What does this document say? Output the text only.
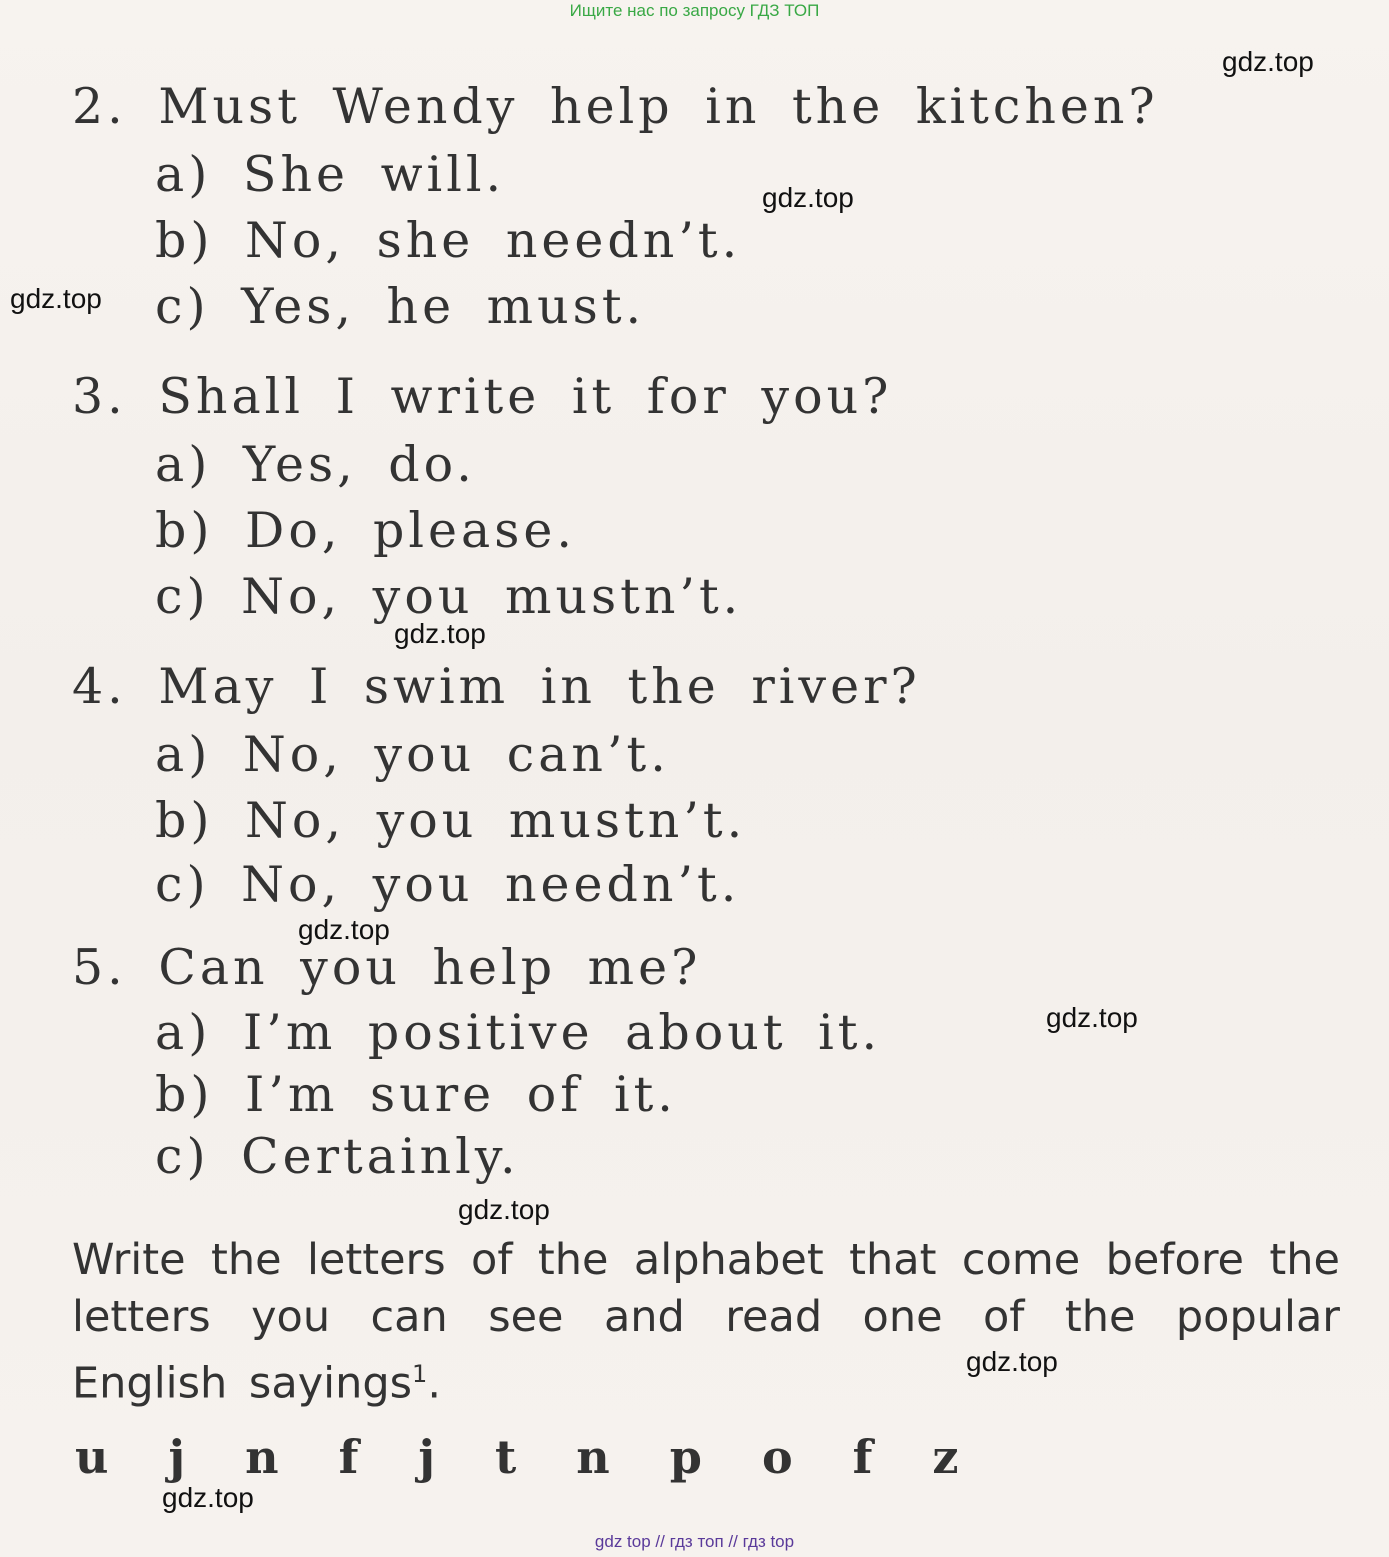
Ищите нас по запросу ГДЗ ТОП
2. Must Wendy help in the kitchen?
a) She will.
b) No, she needn’t.
c) Yes, he must.
3. Shall I write it for you?
a) Yes, do.
b) Do, please.
c) No, you mustn’t.
4. May I swim in the river?
a) No, you can’t.
b) No, you mustn’t.
c) No, you needn’t.
5. Can you help me?
a) I’m positive about it.
b) I’m sure of it.
c) Certainly.
Write the letters of the alphabet that come before the letters you can see and read one of the popular English sayings$^1$.
u j n f j t n p o f z
gdz.top
gdz.top
gdz.top
gdz.top
gdz.top
gdz.top
gdz.top
gdz.top
gdz.top
gdz top // гдз топ // гдз top
